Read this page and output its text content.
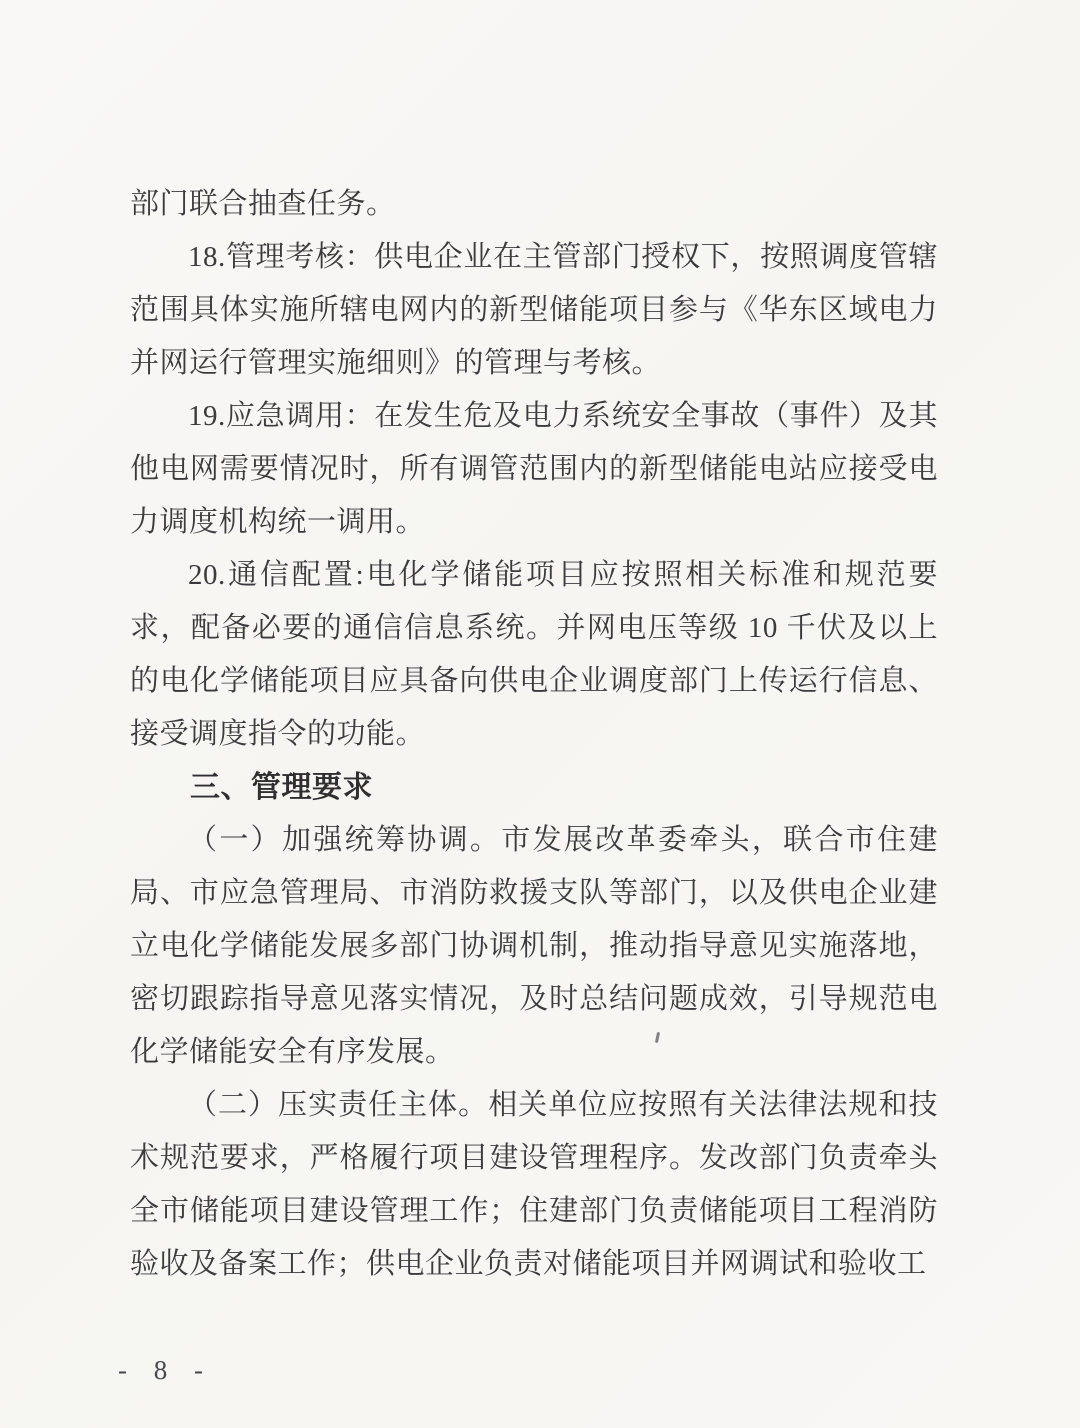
部门联合抽查任务。

18.管理考核：供电企业在主管部门授权下，按照调度管辖范围具体实施所辖电网内的新型储能项目参与《华东区域电力并网运行管理实施细则》的管理与考核。

19.应急调用：在发生危及电力系统安全事故（事件）及其他电网需要情况时，所有调管范围内的新型储能电站应接受电力调度机构统一调用。

20.通信配置:电化学储能项目应按照相关标准和规范要求，配备必要的通信信息系统。并网电压等级 10 千伏及以上的电化学储能项目应具备向供电企业调度部门上传运行信息、接受调度指令的功能。

三、管理要求

（一）加强统筹协调。市发展改革委牵头，联合市住建局、市应急管理局、市消防救援支队等部门，以及供电企业建立电化学储能发展多部门协调机制，推动指导意见实施落地，密切跟踪指导意见落实情况，及时总结问题成效，引导规范电化学储能安全有序发展。

（二）压实责任主体。相关单位应按照有关法律法规和技术规范要求，严格履行项目建设管理程序。发改部门负责牵头全市储能项目建设管理工作；住建部门负责储能项目工程消防验收及备案工作；供电企业负责对储能项目并网调试和验收工

- 8 -
